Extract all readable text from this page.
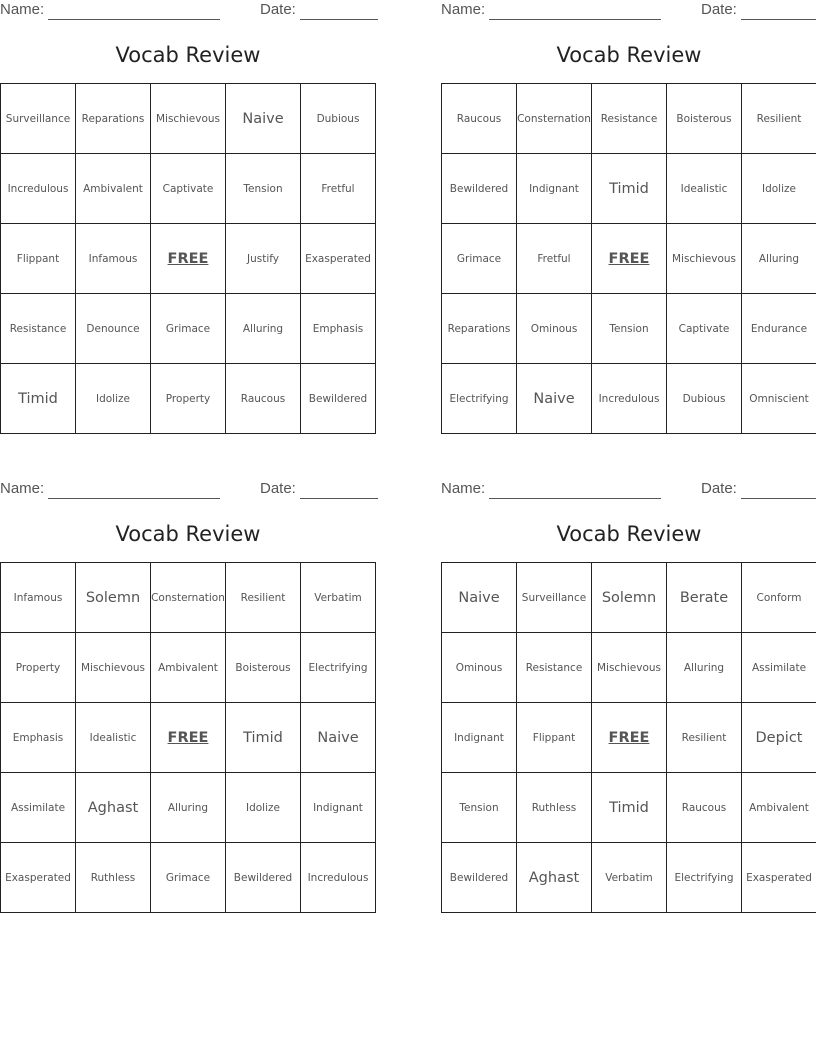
Name:	Date:
Vocab Review
Surveillance	Reparations	Mischievous	Naive	Dubious
Incredulous	Ambivalent	Captivate	Tension	Fretful
Flippant	Infamous	FREE	Justify	Exasperated
Resistance	Denounce	Grimace	Alluring	Emphasis
Timid	Idolize	Property	Raucous	Bewildered
Name:	Date:
Vocab Review
Raucous	Consternation	Resistance	Boisterous	Resilient
Bewildered	Indignant	Timid	Idealistic	Idolize
Grimace	Fretful	FREE	Mischievous	Alluring
Reparations	Ominous	Tension	Captivate	Endurance
Electrifying	Naive	Incredulous	Dubious	Omniscient
Name:	Date:
Vocab Review
Infamous	Solemn	Consternation	Resilient	Verbatim
Property	Mischievous	Ambivalent	Boisterous	Electrifying
Emphasis	Idealistic	FREE	Timid	Naive
Assimilate	Aghast	Alluring	Idolize	Indignant
Exasperated	Ruthless	Grimace	Bewildered	Incredulous
Name:	Date:
Vocab Review
Naive	Surveillance	Solemn	Berate	Conform
Ominous	Resistance	Mischievous	Alluring	Assimilate
Indignant	Flippant	FREE	Resilient	Depict
Tension	Ruthless	Timid	Raucous	Ambivalent
Bewildered	Aghast	Verbatim	Electrifying	Exasperated
